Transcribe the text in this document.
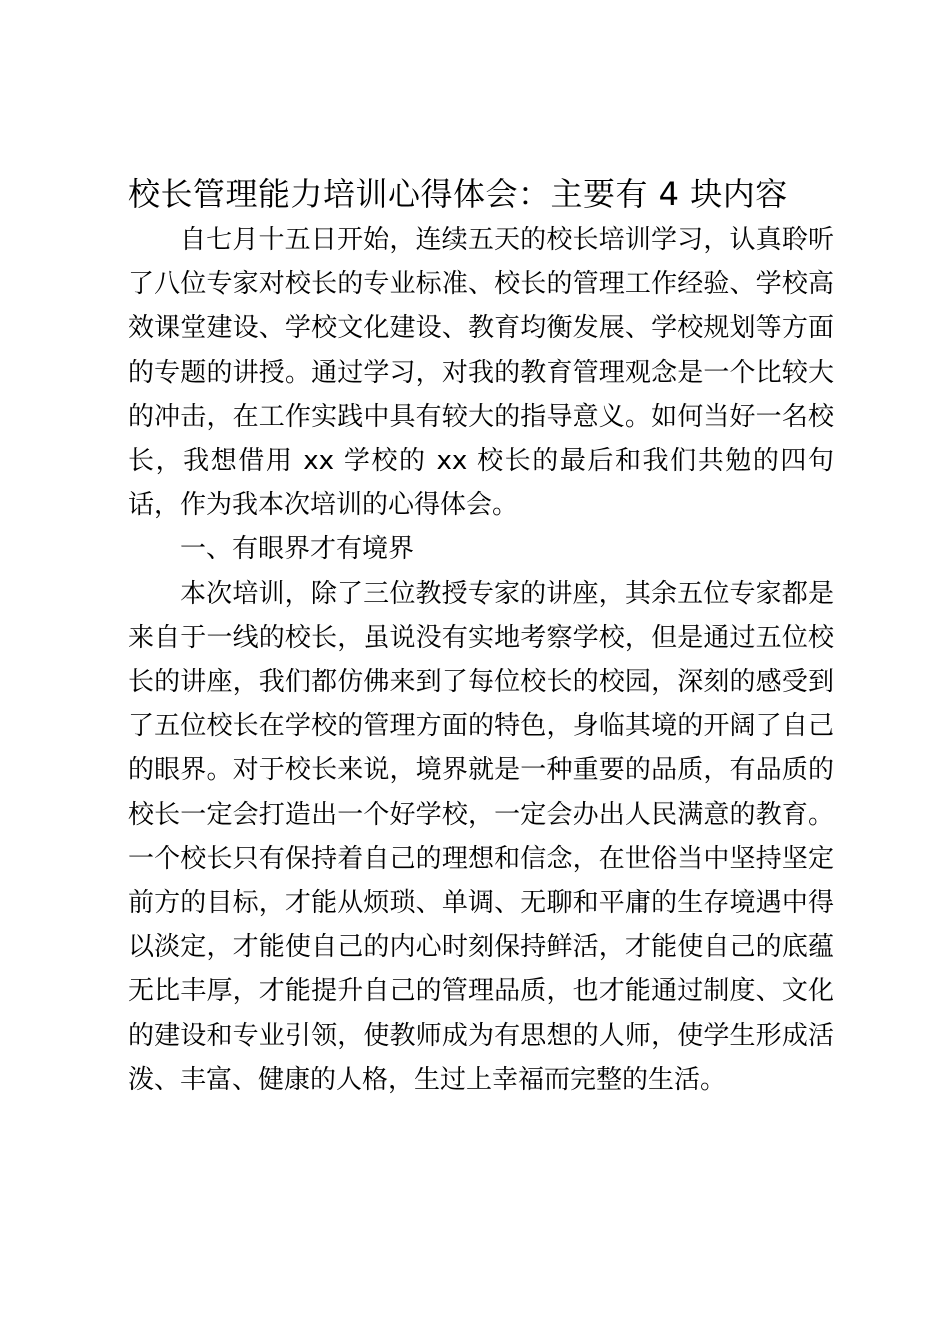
校长管理能力培训心得体会：主要有 4 块内容

自七月十五日开始，连续五天的校长培训学习，认真聆听了八位专家对校长的专业标准、校长的管理工作经验、学校高效课堂建设、学校文化建设、教育均衡发展、学校规划等方面的专题的讲授。通过学习，对我的教育管理观念是一个比较大的冲击，在工作实践中具有较大的指导意义。如何当好一名校长，我想借用 xx 学校的 xx 校长的最后和我们共勉的四句话，作为我本次培训的心得体会。

一、有眼界才有境界

本次培训，除了三位教授专家的讲座，其余五位专家都是来自于一线的校长，虽说没有实地考察学校，但是通过五位校长的讲座，我们都仿佛来到了每位校长的校园，深刻的感受到了五位校长在学校的管理方面的特色，身临其境的开阔了自己的眼界。对于校长来说，境界就是一种重要的品质，有品质的校长一定会打造出一个好学校，一定会办出人民满意的教育。一个校长只有保持着自己的理想和信念，在世俗当中坚持坚定前方的目标，才能从烦琐、单调、无聊和平庸的生存境遇中得以淡定，才能使自己的内心时刻保持鲜活，才能使自己的底蕴无比丰厚，才能提升自己的管理品质，也才能通过制度、文化的建设和专业引领，使教师成为有思想的人师，使学生形成活泼、丰富、健康的人格，生过上幸福而完整的生活。
